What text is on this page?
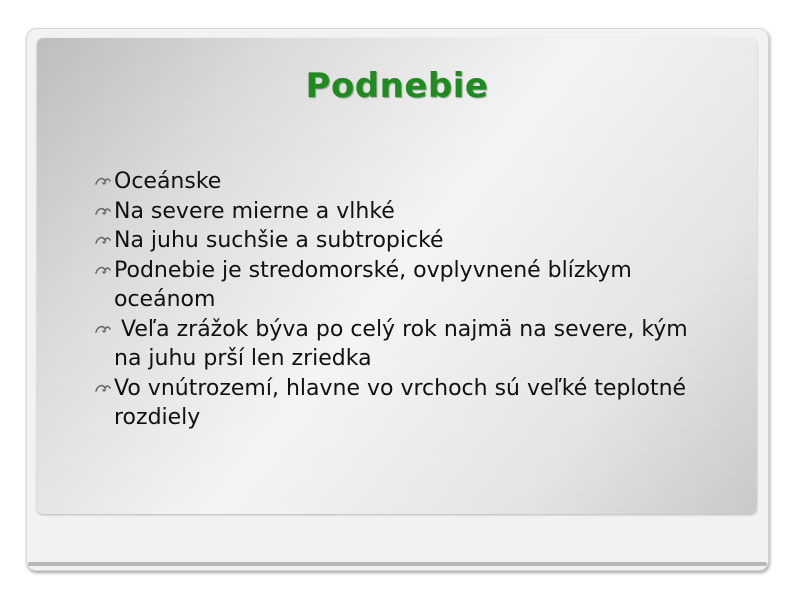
Podnebie
Oceánske
Na severe mierne a vlhké
Na juhu suchšie a subtropické
Podnebie je stredomorské, ovplyvnené blízkym oceánom
Veľa zrážok býva po celý rok najmä na severe, kým na juhu prší len zriedka
Vo vnútrozemí, hlavne vo vrchoch sú veľké teplotné rozdiely
